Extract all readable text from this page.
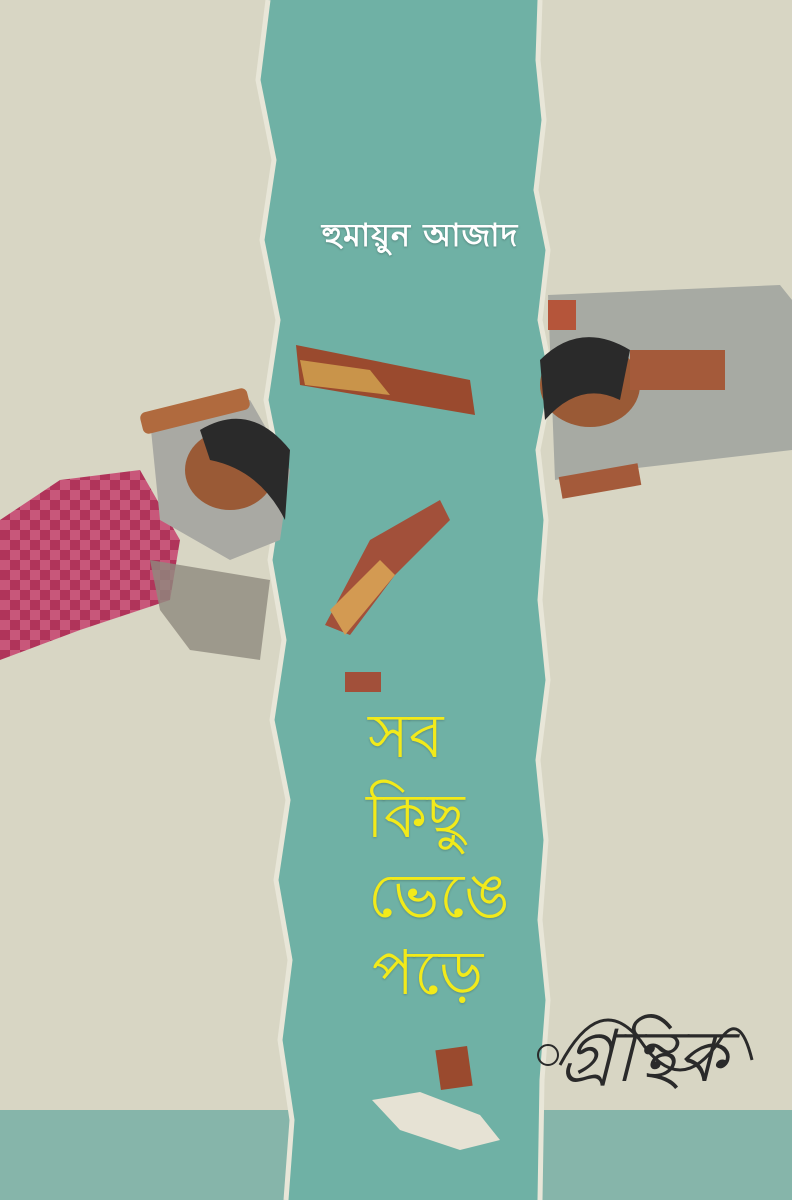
হুমায়ুন আজাদ
সব
কিছু
ভেঙে
পড়ে
গ্রন্থিক
